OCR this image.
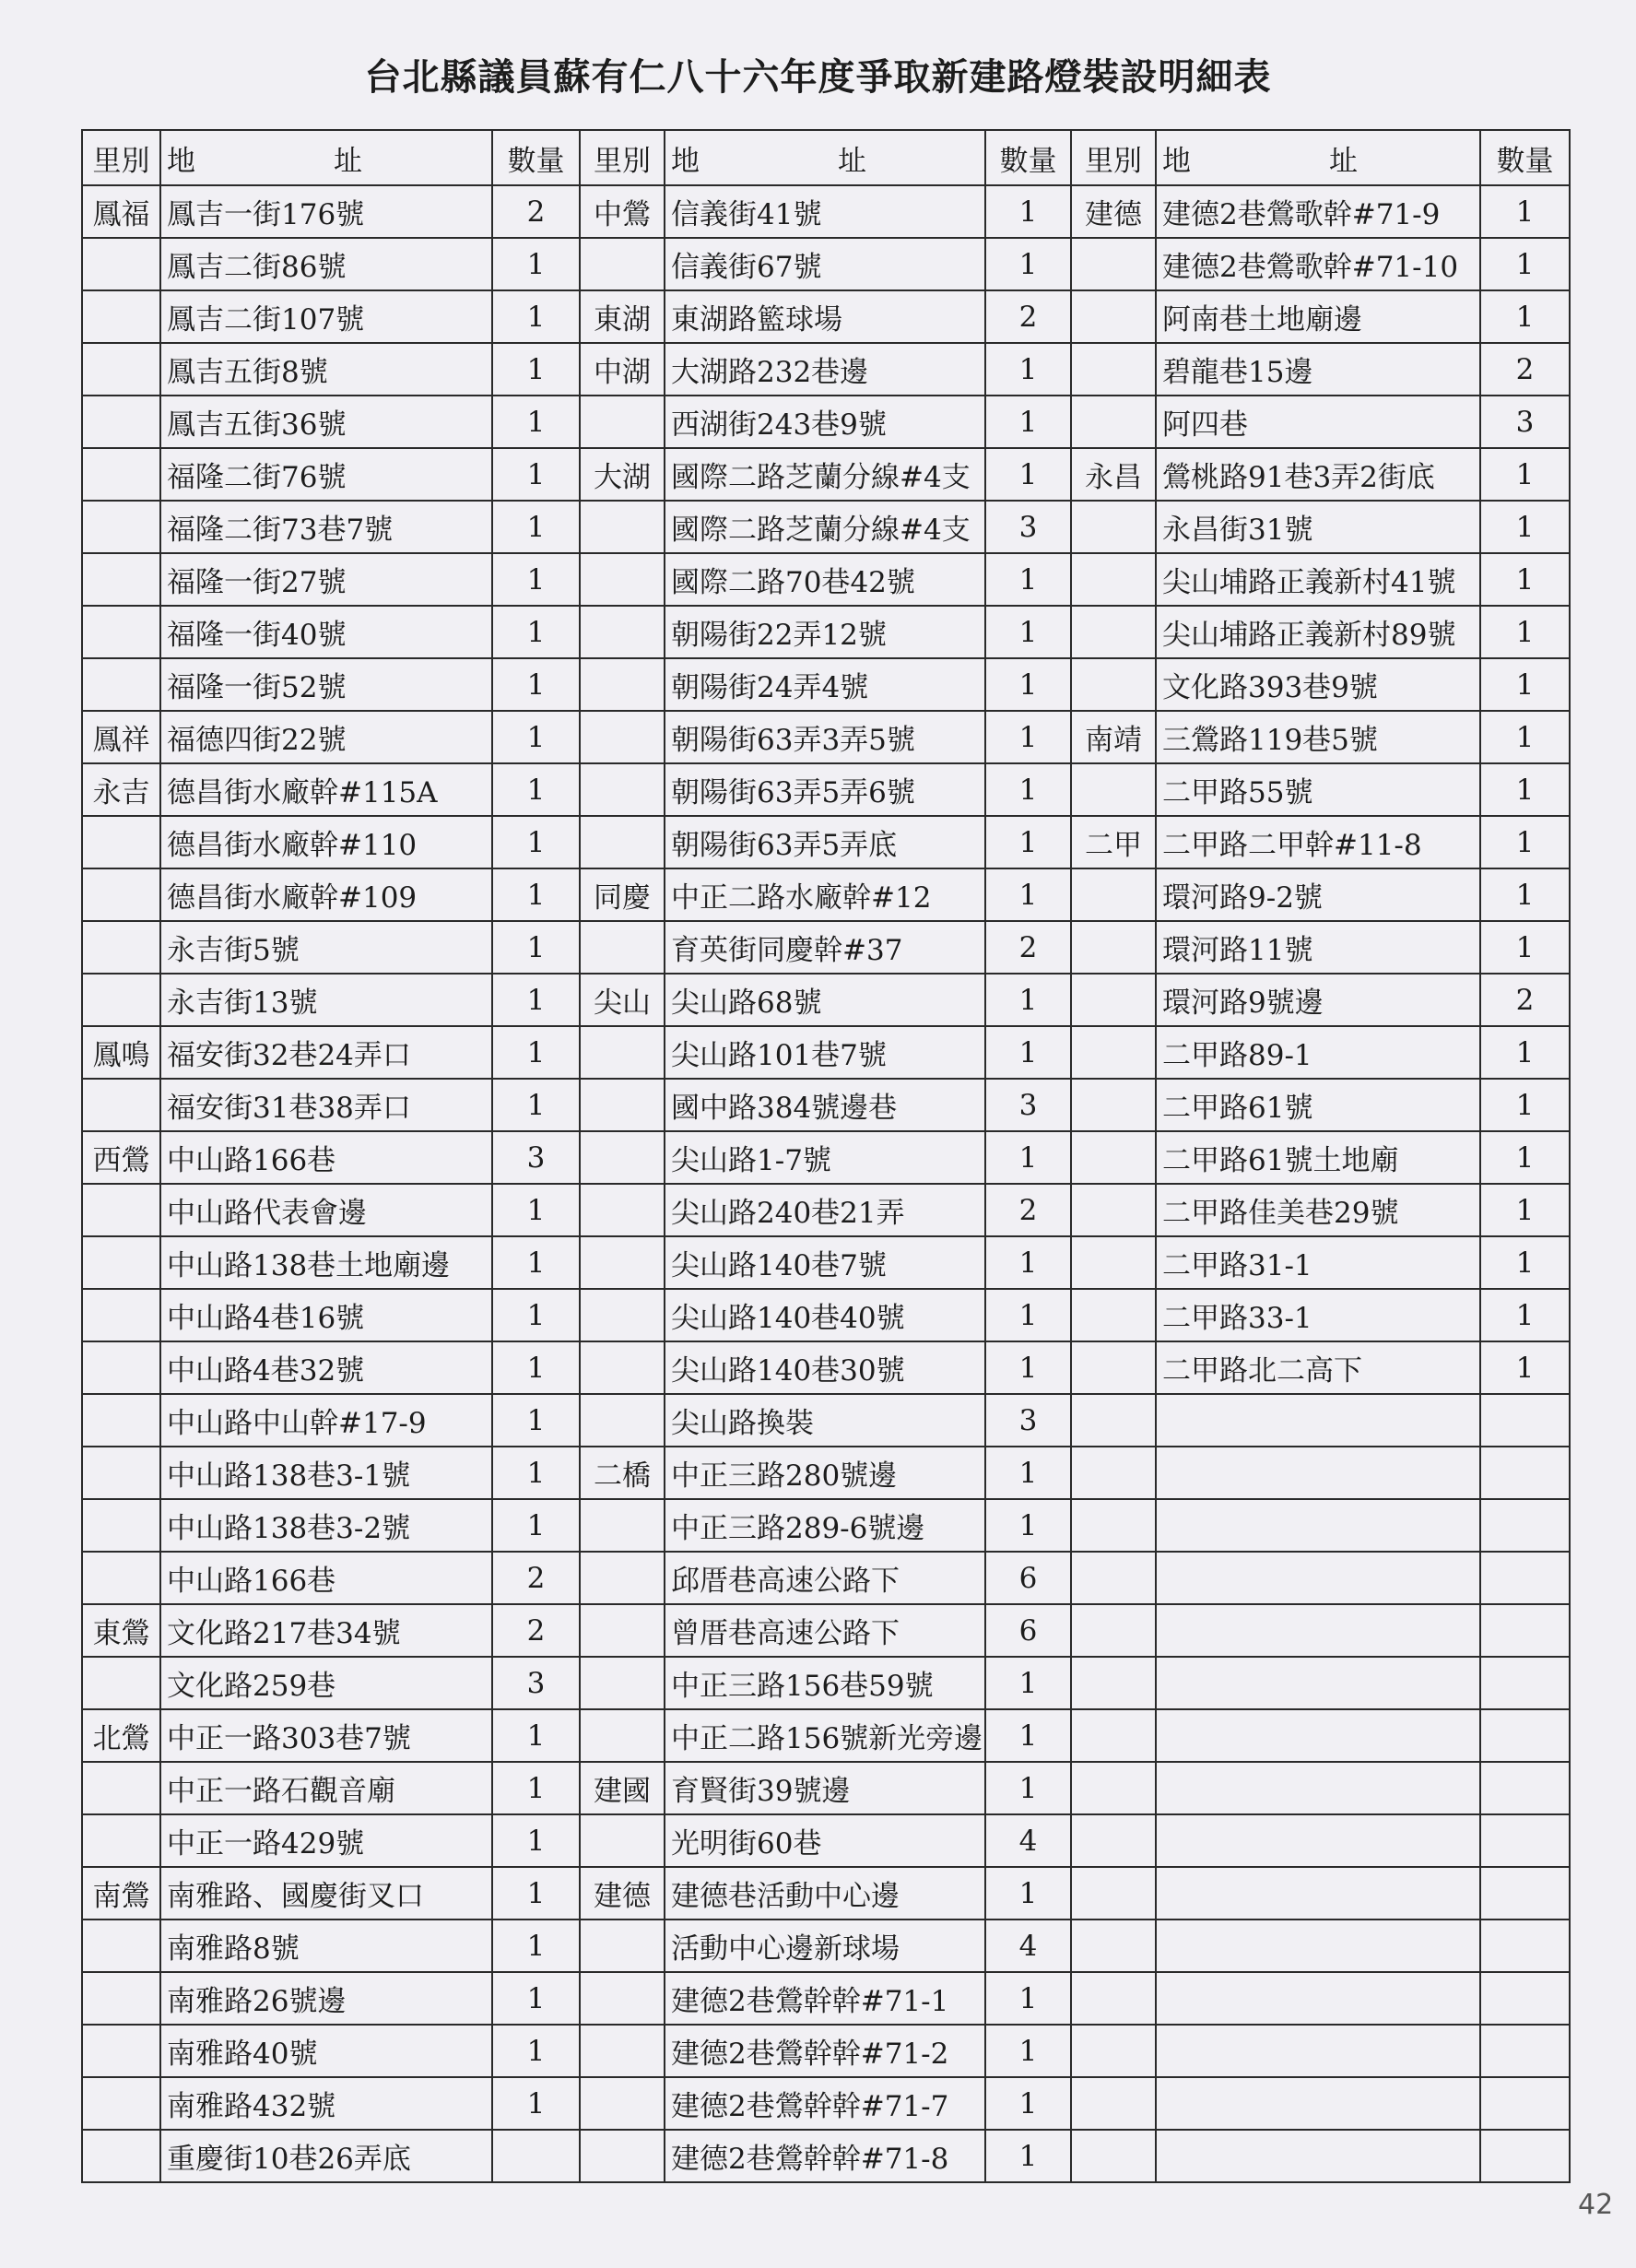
台北縣議員蘇有仁八十六年度爭取新建路燈裝設明細表
里別	地 址	數量	里別	地 址	數量	里別	地 址	數量
鳳福	鳳吉一街176號	2	中鶯	信義街41號	1	建德	建德2巷鶯歌幹#71-9	1
	鳳吉二街86號	1		信義街67號	1		建德2巷鶯歌幹#71-10	1
	鳳吉二街107號	1	東湖	東湖路籃球場	2		阿南巷土地廟邊	1
	鳳吉五街8號	1	中湖	大湖路232巷邊	1		碧龍巷15邊	2
	鳳吉五街36號	1		西湖街243巷9號	1		阿四巷	3
	福隆二街76號	1	大湖	國際二路芝蘭分線#4支	1	永昌	鶯桃路91巷3弄2街底	1
	福隆二街73巷7號	1		國際二路芝蘭分線#4支	3		永昌街31號	1
	福隆一街27號	1		國際二路70巷42號	1		尖山埔路正義新村41號	1
	福隆一街40號	1		朝陽街22弄12號	1		尖山埔路正義新村89號	1
	福隆一街52號	1		朝陽街24弄4號	1		文化路393巷9號	1
鳳祥	福德四街22號	1		朝陽街63弄3弄5號	1	南靖	三鶯路119巷5號	1
永吉	德昌街水廠幹#115A	1		朝陽街63弄5弄6號	1		二甲路55號	1
	德昌街水廠幹#110	1		朝陽街63弄5弄底	1	二甲	二甲路二甲幹#11-8	1
	德昌街水廠幹#109	1	同慶	中正二路水廠幹#12	1		環河路9-2號	1
	永吉街5號	1		育英街同慶幹#37	2		環河路11號	1
	永吉街13號	1	尖山	尖山路68號	1		環河路9號邊	2
鳳鳴	福安街32巷24弄口	1		尖山路101巷7號	1		二甲路89-1	1
	福安街31巷38弄口	1		國中路384號邊巷	3		二甲路61號	1
西鶯	中山路166巷	3		尖山路1-7號	1		二甲路61號土地廟	1
	中山路代表會邊	1		尖山路240巷21弄	2		二甲路佳美巷29號	1
	中山路138巷土地廟邊	1		尖山路140巷7號	1		二甲路31-1	1
	中山路4巷16號	1		尖山路140巷40號	1		二甲路33-1	1
	中山路4巷32號	1		尖山路140巷30號	1		二甲路北二高下	1
	中山路中山幹#17-9	1		尖山路換裝	3			
	中山路138巷3-1號	1	二橋	中正三路280號邊	1			
	中山路138巷3-2號	1		中正三路289-6號邊	1			
	中山路166巷	2		邱厝巷高速公路下	6			
東鶯	文化路217巷34號	2		曾厝巷高速公路下	6			
	文化路259巷	3		中正三路156巷59號	1			
北鶯	中正一路303巷7號	1		中正二路156號新光旁邊	1			
	中正一路石觀音廟	1	建國	育賢街39號邊	1			
	中正一路429號	1		光明街60巷	4			
南鶯	南雅路、國慶街叉口	1	建德	建德巷活動中心邊	1			
	南雅路8號	1		活動中心邊新球場	4			
	南雅路26號邊	1		建德2巷鶯幹幹#71-1	1			
	南雅路40號	1		建德2巷鶯幹幹#71-2	1			
	南雅路432號	1		建德2巷鶯幹幹#71-7	1			
	重慶街10巷26弄底			建德2巷鶯幹幹#71-8	1			
42
